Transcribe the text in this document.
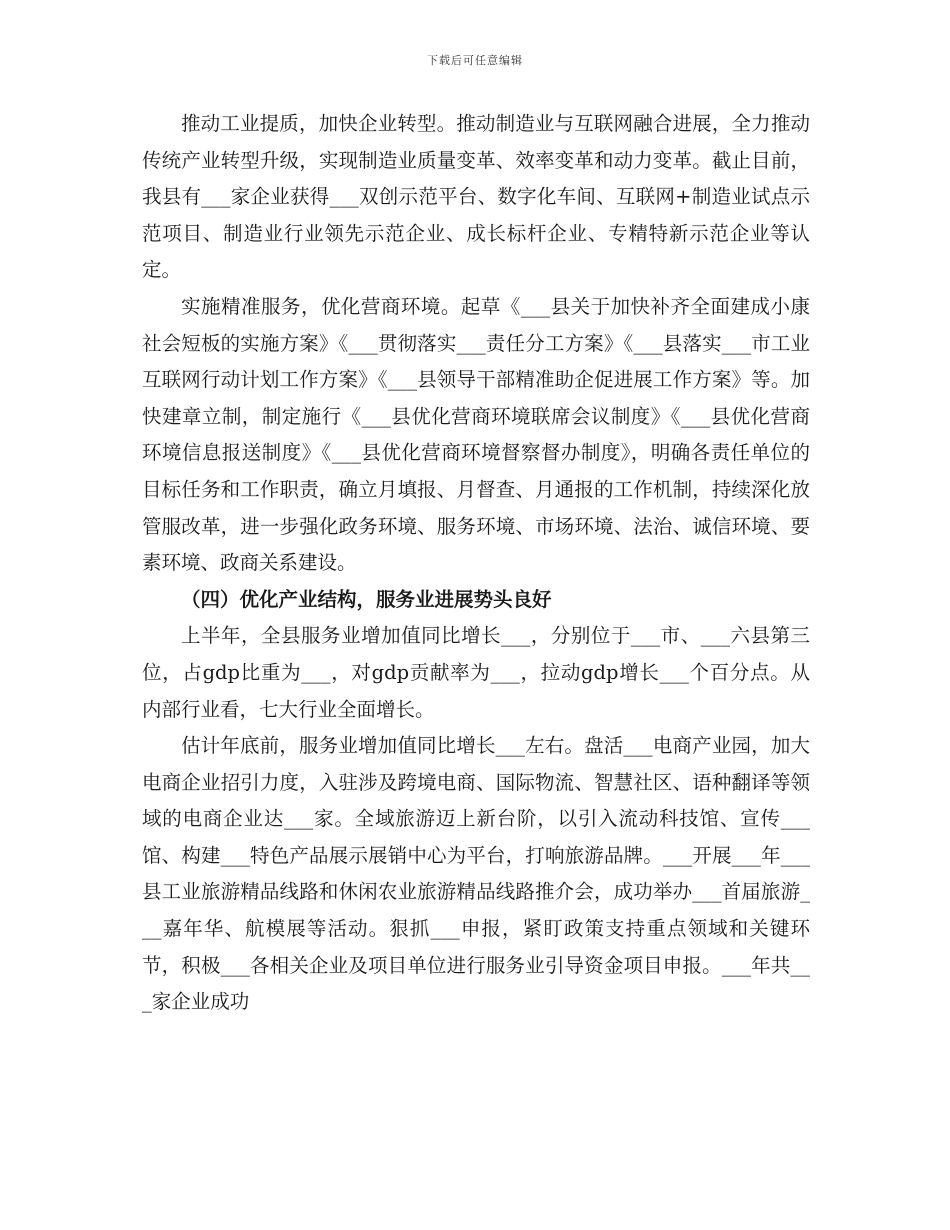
下载后可任意编辑

推动工业提质，加快企业转型。推动制造业与互联网融合进展，全力推动传统产业转型升级，实现制造业质量变革、效率变革和动力变革。截止目前，我县有___家企业获得___双创示范平台、数字化车间、互联网+制造业试点示范项目、制造业行业领先示范企业、成长标杆企业、专精特新示范企业等认定。

实施精准服务，优化营商环境。起草《___县关于加快补齐全面建成小康社会短板的实施方案》《___贯彻落实___责任分工方案》《___县落实___市工业互联网行动计划工作方案》《___县领导干部精准助企促进展工作方案》等。加快建章立制，制定施行《___县优化营商环境联席会议制度》《___县优化营商环境信息报送制度》《___县优化营商环境督察督办制度》，明确各责任单位的目标任务和工作职责，确立月填报、月督查、月通报的工作机制，持续深化放管服改革，进一步强化政务环境、服务环境、市场环境、法治、诚信环境、要素环境、政商关系建设。

（四）优化产业结构，服务业进展势头良好

上半年，全县服务业增加值同比增长___，分别位于___市、___六县第三位，占gdp比重为___，对gdp贡献率为___，拉动gdp增长___个百分点。从内部行业看，七大行业全面增长。

估计年底前，服务业增加值同比增长___左右。盘活___电商产业园，加大电商企业招引力度，入驻涉及跨境电商、国际物流、智慧社区、语种翻译等领域的电商企业达___家。全域旅游迈上新台阶，以引入流动科技馆、宣传___馆、构建___特色产品展示展销中心为平台，打响旅游品牌。___开展___年___县工业旅游精品线路和休闲农业旅游精品线路推介会，成功举办___首届旅游___嘉年华、航模展等活动。狠抓___申报，紧盯政策支持重点领域和关键环节，积极___各相关企业及项目单位进行服务业引导资金项目申报。___年共___家企业成功
